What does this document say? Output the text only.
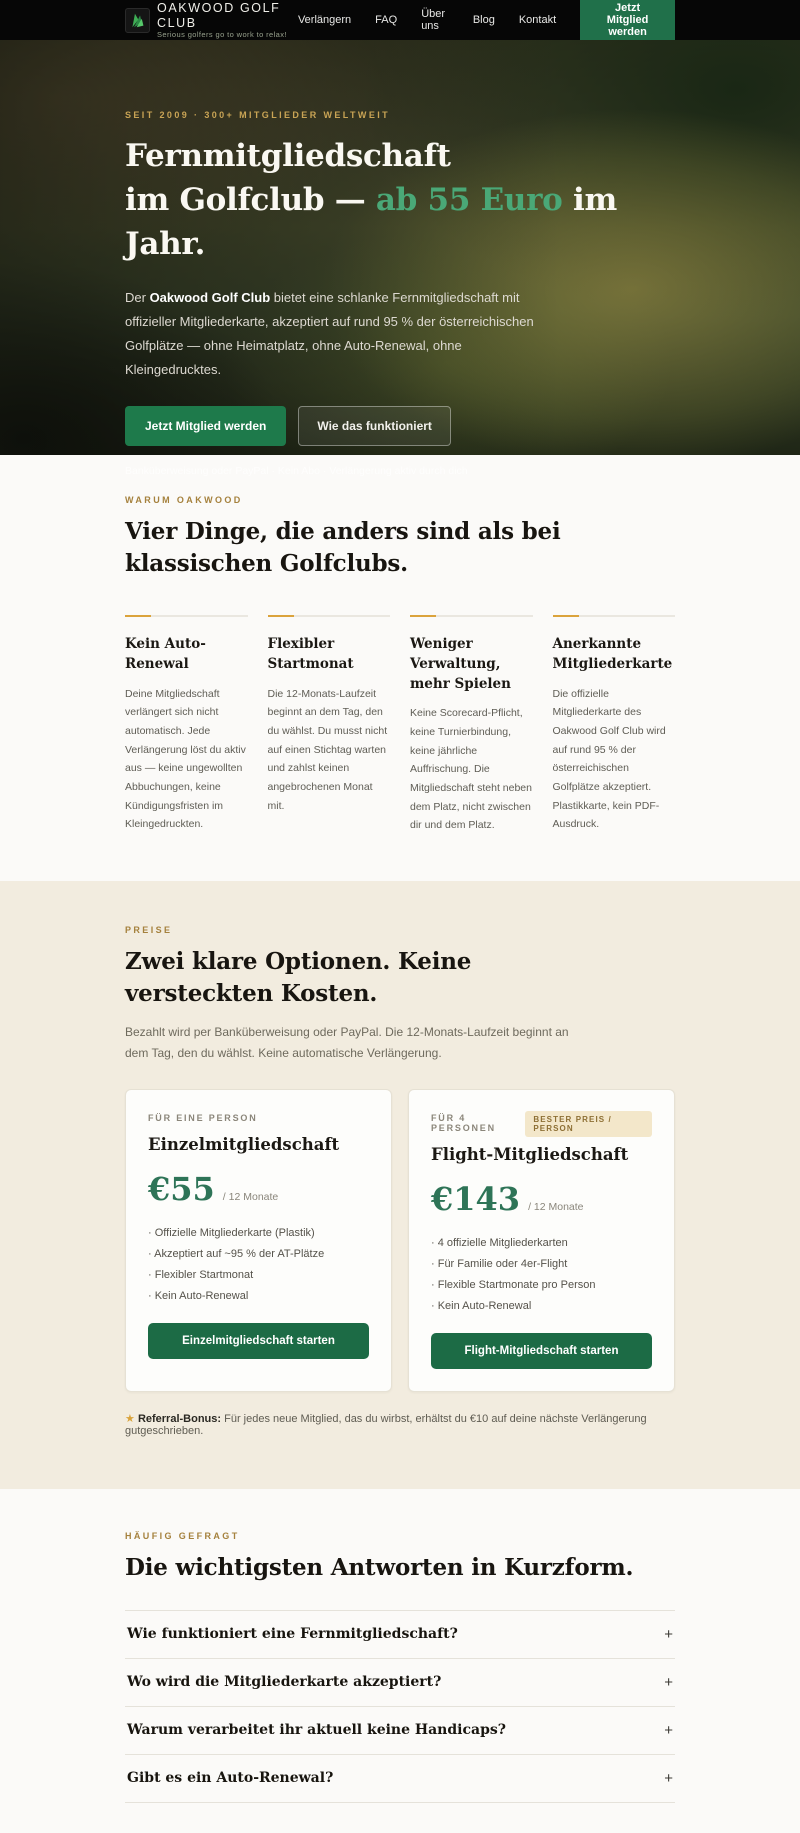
OAKWOOD GOLF CLUB
Serious golfers go to work to relax!
Verlängern FAQ Über uns	Blog Kontakt
Jetzt Mitglied werden
SEIT 2009 · 300+ MITGLIEDER WELTWEIT
Fernmitgliedschaft
im Golfclub — ab 55 Euro im Jahr.

Der Oakwood Golf Club bietet eine schlanke Fernmitgliedschaft mit offizieller Mitgliederkarte, akzeptiert auf rund 95 % der österreichischen Golfplätze — ohne Heimatplatz, ohne Auto-Renewal, ohne Kleingedrucktes.

Jetzt Mitglied werden	Wie das funktioniert
Banküberweisung oder PayPal · Kein Abo · Verlängerung aktiv durch dich
WARUM OAKWOOD
Vier Dinge, die anders sind als bei klassischen Golfclubs.
Kein Auto-Renewal

Deine Mitgliedschaft verlängert sich nicht automatisch. Jede Verlängerung löst du aktiv aus — keine ungewollten Abbuchungen, keine Kündigungsfristen im Kleingedruckten.

Flexibler Startmonat

Die 12-Monats-Laufzeit beginnt an dem Tag, den du wählst. Du musst nicht auf einen Stichtag warten und zahlst keinen angebrochenen Monat mit.

Weniger Verwaltung, mehr Spielen

Keine Scorecard-Pflicht, keine Turnierbindung, keine jährliche Auffrischung. Die Mitgliedschaft steht neben dem Platz, nicht zwischen dir und dem Platz.

Anerkannte Mitgliederkarte

Die offizielle Mitgliederkarte des Oakwood Golf Club wird auf rund 95 % der österreichischen Golfplätze akzeptiert. Plastikkarte, kein PDF-Ausdruck.

PREISE
Zwei klare Optionen. Keine versteckten Kosten.

Bezahlt wird per Banküberweisung oder PayPal. Die 12-Monats-Laufzeit beginnt an dem Tag, den du wählst. Keine automatische Verlängerung.

FÜR EINE PERSON
Einzelmitgliedschaft
€55 / 12 Monate
· Offizielle Mitgliederkarte (Plastik)
· Akzeptiert auf ~95 % der AT-Plätze
· Flexibler Startmonat
· Kein Auto-Renewal
Einzelmitgliedschaft starten
FÜR 4 PERSONEN
BESTER PREIS / PERSON
Flight-Mitgliedschaft
€143 / 12 Monate
· 4 offizielle Mitgliederkarten
· Für Familie oder 4er-Flight
· Flexible Startmonate pro Person
· Kein Auto-Renewal
Flight-Mitgliedschaft starten

★ Referral-Bonus: Für jedes neue Mitglied, das du wirbst, erhältst du €10 auf deine nächste Verlängerung gutgeschrieben.

HÄUFIG GEFRAGT
Die wichtigsten Antworten in Kurzform.
Wie funktioniert eine Fernmitgliedschaft?	+
Wo wird die Mitgliederkarte akzeptiert?	+
Warum verarbeitet ihr aktuell keine Handicaps?	+
Gibt es ein Auto-Renewal?	+
